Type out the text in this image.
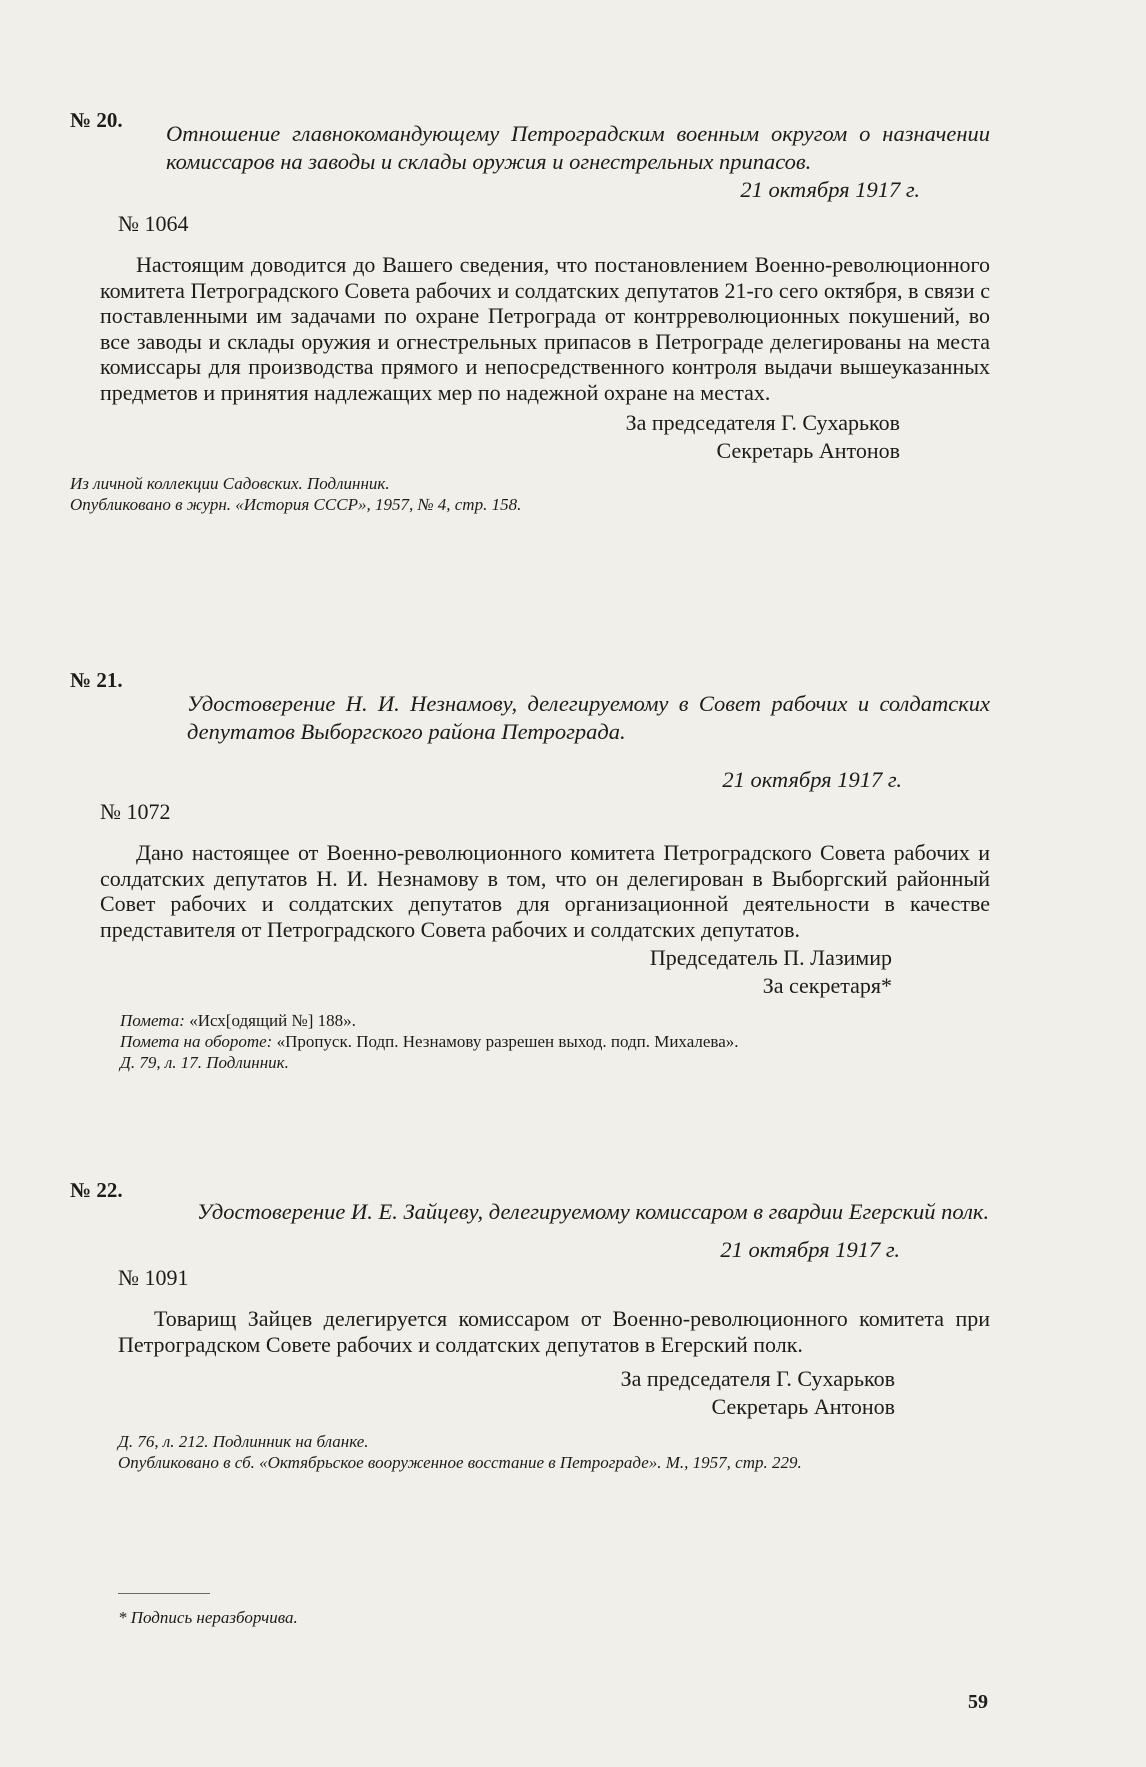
№ 20.
Отношение главнокомандующему Петроградским военным округом о назначении комиссаров на заводы и склады оружия и огнестрельных припасов.
21 октября 1917 г.
№ 1064

Настоящим доводится до Вашего сведения, что постановлением Военно-революционного комитета Петроградского Совета рабочих и солдатских депутатов 21-го сего октября, в связи с поставленными им задачами по охране Петрограда от контрреволюционных покушений, во все заводы и склады оружия и огнестрельных припасов в Петрограде делегированы на места комиссары для производства прямого и непосредственного контроля выдачи вышеуказанных предметов и принятия надлежащих мер по надежной охране на местах.

За председателя Г. Сухарьков
Секретарь Антонов
Из личной коллекции Садовских. Подлинник.
Опубликовано в журн. «История СССР», 1957, № 4, стр. 158.
№ 21.
Удостоверение Н. И. Незнамову, делегируемому в Совет рабочих и солдатских депутатов Выборгского района Петрограда.
21 октября 1917 г.
№ 1072

Дано настоящее от Военно-революционного комитета Петроградского Совета рабочих и солдатских депутатов Н. И. Незнамову в том, что он делегирован в Выборгский районный Совет рабочих и солдатских депутатов для организационной деятельности в качестве представителя от Петроградского Совета рабочих и солдатских депутатов.

Председатель П. Лазимир
За секретаря*
Помета: «Исх[одящий №] 188».
Помета на обороте: «Пропуск. Подп. Незнамову разрешен выход. подп. Михалева».
Д. 79, л. 17. Подлинник.
№ 22.
Удостоверение И. Е. Зайцеву, делегируемому комиссаром в гвардии Егерский полк.
21 октября 1917 г.
№ 1091

Товарищ Зайцев делегируется комиссаром от Военно-революционного комитета при Петроградском Совете рабочих и солдатских депутатов в Егерский полк.

За председателя Г. Сухарьков
Секретарь Антонов
Д. 76, л. 212. Подлинник на бланке.
Опубликовано в сб. «Октябрьское вооруженное восстание в Петрограде». М., 1957, стр. 229.
* Подпись неразборчива.
59
